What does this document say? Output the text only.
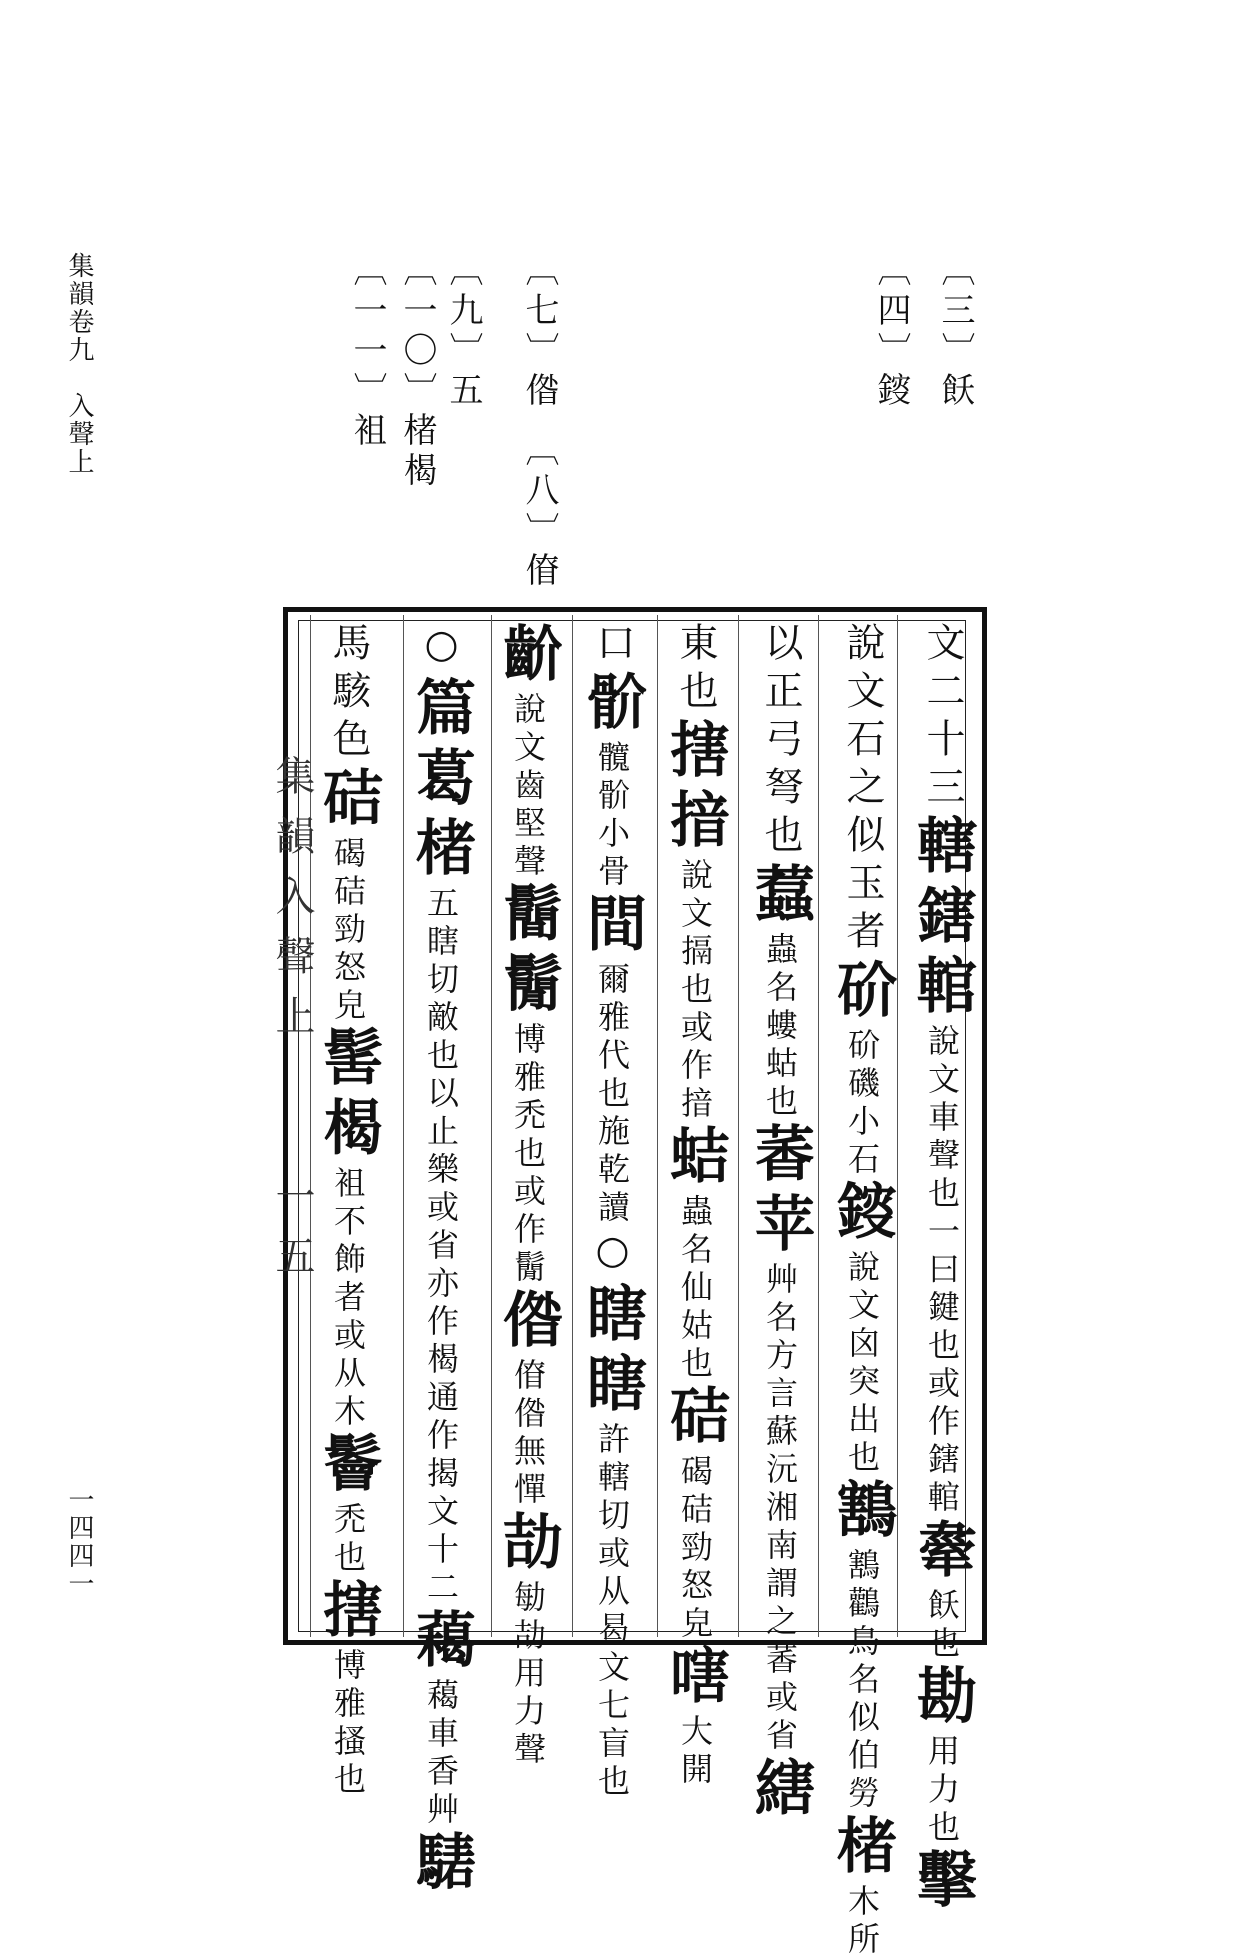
集韻卷九　入聲上
一四四一
〔三〕飫
〔四〕䤹
〔七〕偺
〔八〕傄
〔九〕五
〔一〇〕楮楬
〔一一〕袓
集韻入聲上
一五
文二十三轄鎋輨說文車聲也一曰鍵也或作鎋輨舝飫也勘用力也擊
說文石之似玉者砎砎磯小石䤹說文囟突出也鶷鶷鸛鳥名似伯勞楮木所
以正弓弩也蠚蟲名螻蛄也萫苹艸名方言蘇沅湘南謂之萫或省縖
東也搳揞說文搹也或作揞蛣蟲名仙姑也硈碣硈勁怒皃嗐大開
口骱髖骱小骨間爾雅代也施乾讀○瞎瞎許轄切或从曷文七盲也
齘說文齒堅聲鬝鬜博雅禿也或作鬜偺傄偺無憚劼勄劼用力聲
○篇葛楮五瞎切敵也以止樂或省亦作楬通作揭文十二藒藒車香艸騞
馬駭色硈碣硈勁怒皃髺楬袓不飾者或从木鬠禿也搳博雅搔也
